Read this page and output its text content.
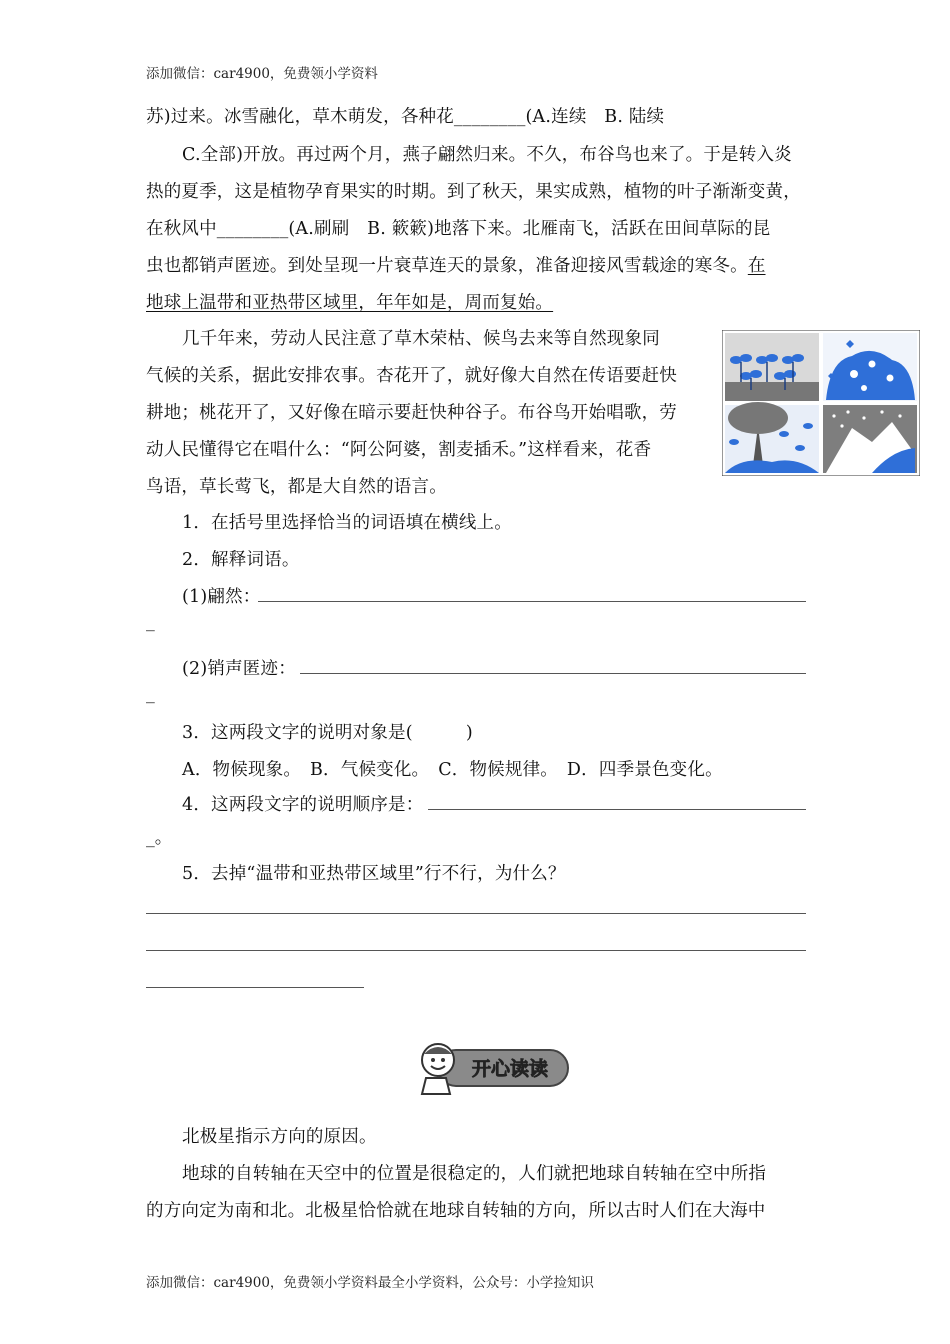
添加微信：car4900，免费领小学资料
苏)过来。冰雪融化，草木萌发，各种花________(A.连续　B. 陆续
C.全部)开放。再过两个月，燕子翩然归来。不久，布谷鸟也来了。于是转入炎
热的夏季，这是植物孕育果实的时期。到了秋天，果实成熟，植物的叶子渐渐变黄，
在秋风中________(A.刷刷　B. 簌簌)地落下来。北雁南飞，活跃在田间草际的昆
虫也都销声匿迹。到处呈现一片衰草连天的景象，准备迎接风雪载途的寒冬。在
地球上温带和亚热带区域里，年年如是，周而复始。
几千年来，劳动人民注意了草木荣枯、候鸟去来等自然现象同
气候的关系，据此安排农事。杏花开了，就好像大自然在传语要赶快
耕地；桃花开了，又好像在暗示要赶快种谷子。布谷鸟开始唱歌，劳
动人民懂得它在唱什么：“阿公阿婆，割麦插禾。”这样看来，花香
鸟语，草长莺飞，都是大自然的语言。
1．在括号里选择恰当的词语填在横线上。
2．解释词语。
(1)翩然：
_
(2)销声匿迹：
_
3．这两段文字的说明对象是(　　　)
A．物候现象。　B．气候变化。　C．物候规律。　D．四季景色变化。
4．这两段文字的说明顺序是：
_。
5．去掉“温带和亚热带区域里”行不行，为什么？
开心读读
北极星指示方向的原因。
地球的自转轴在天空中的位置是很稳定的，人们就把地球自转轴在空中所指
的方向定为南和北。北极星恰恰就在地球自转轴的方向，所以古时人们在大海中
添加微信：car4900，免费领小学资料最全小学资料，公众号：小学捡知识
